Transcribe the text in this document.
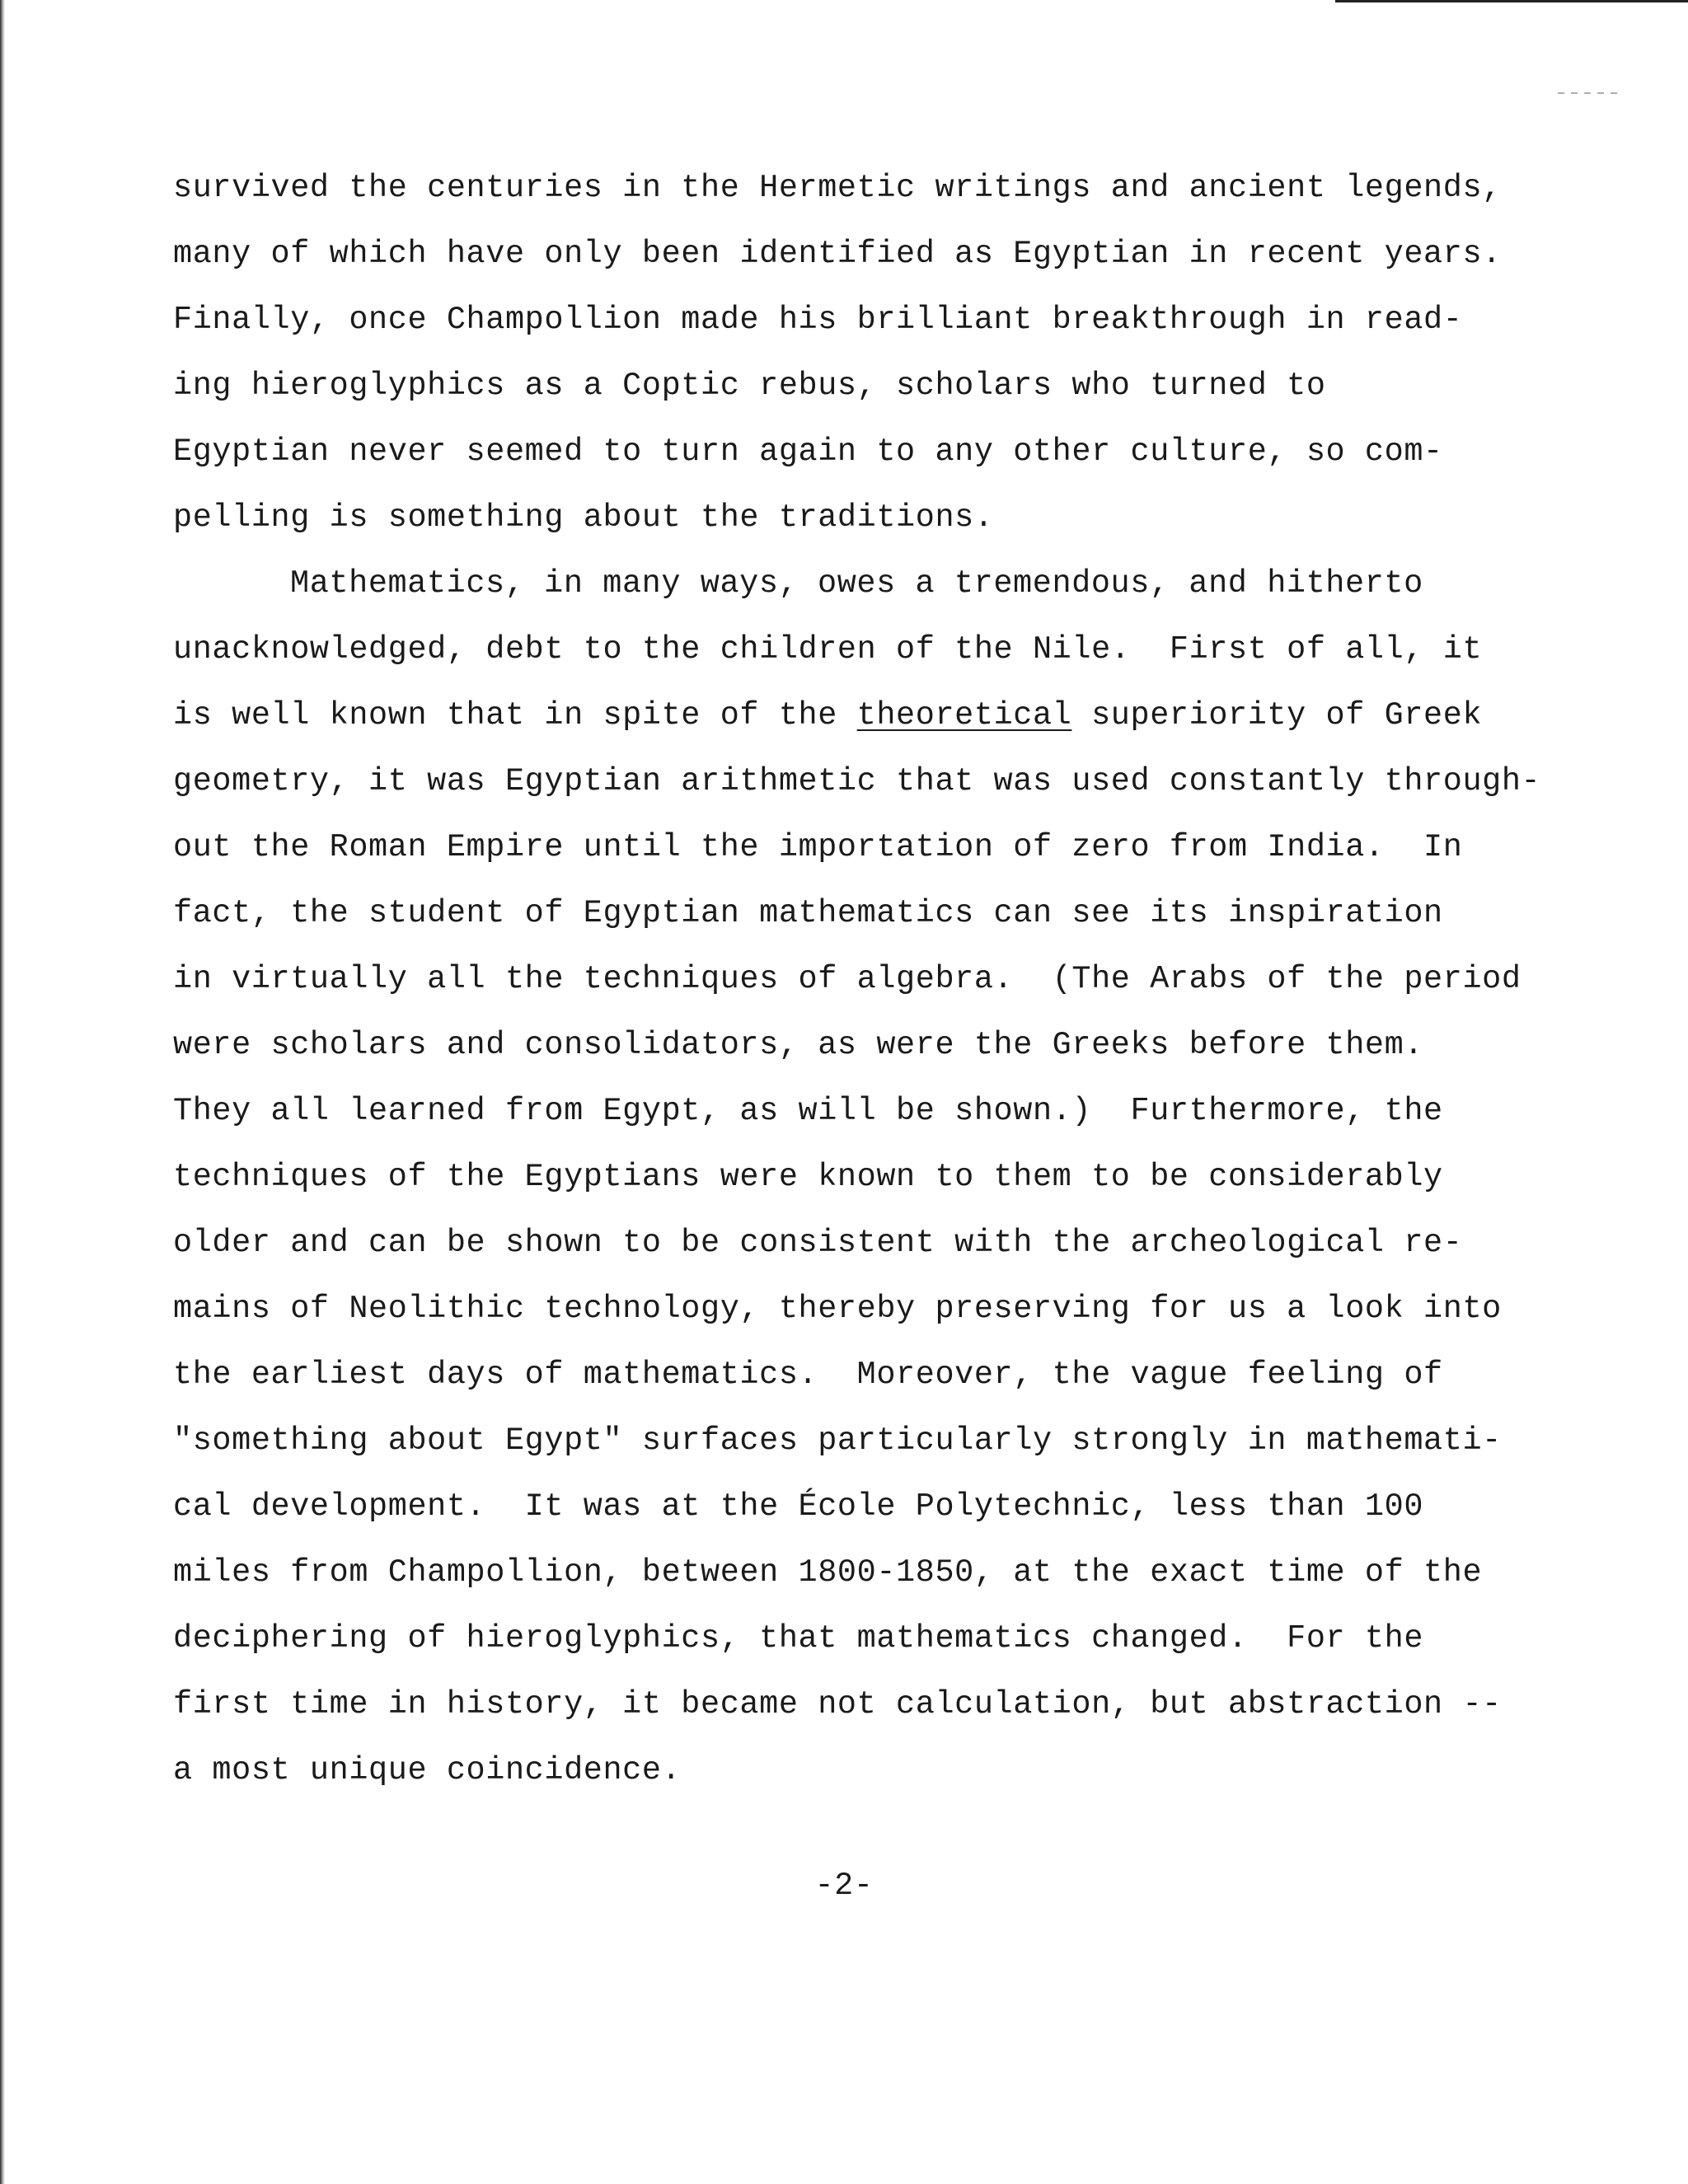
survived the centuries in the Hermetic writings and ancient legends,
many of which have only been identified as Egyptian in recent years.
Finally, once Champollion made his brilliant breakthrough in read-
ing hieroglyphics as a Coptic rebus, scholars who turned to
Egyptian never seemed to turn again to any other culture, so com-
pelling is something about the traditions.
Mathematics, in many ways, owes a tremendous, and hitherto
unacknowledged, debt to the children of the Nile.  First of all, it
is well known that in spite of the theoretical superiority of Greek
geometry, it was Egyptian arithmetic that was used constantly through-
out the Roman Empire until the importation of zero from India.  In
fact, the student of Egyptian mathematics can see its inspiration
in virtually all the techniques of algebra.  (The Arabs of the period
were scholars and consolidators, as were the Greeks before them.
They all learned from Egypt, as will be shown.)  Furthermore, the
techniques of the Egyptians were known to them to be considerably
older and can be shown to be consistent with the archeological re-
mains of Neolithic technology, thereby preserving for us a look into
the earliest days of mathematics.  Moreover, the vague feeling of
"something about Egypt" surfaces particularly strongly in mathemati-
cal development.  It was at the École Polytechnic, less than 100
miles from Champollion, between 1800-1850, at the exact time of the
deciphering of hieroglyphics, that mathematics changed.  For the
first time in history, it became not calculation, but abstraction --
a most unique coincidence.
-2-
